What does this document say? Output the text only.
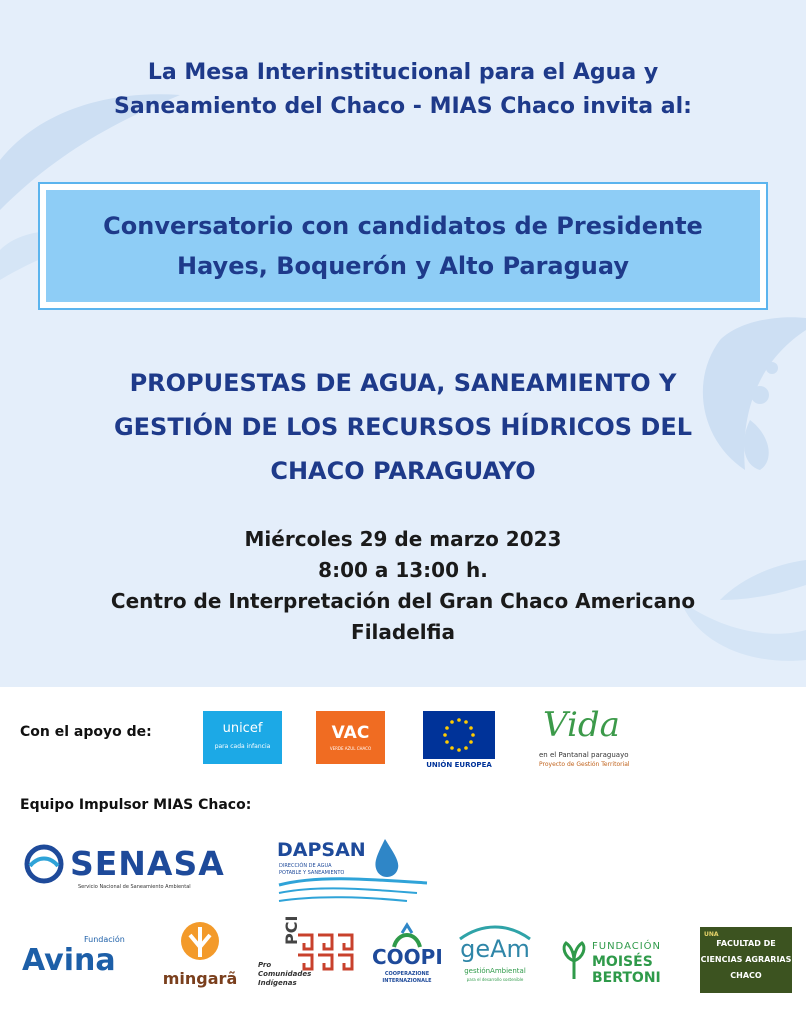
La Mesa Interinstitucional para el Agua y
Saneamiento del Chaco - MIAS Chaco invita al:
Conversatorio con candidatos de Presidente
Hayes, Boquerón y Alto Paraguay
PROPUESTAS DE AGUA, SANEAMIENTO Y
GESTIÓN DE LOS RECURSOS HÍDRICOS DEL
CHACO PARAGUAYO
Miércoles 29 de marzo 2023
8:00 a 13:00 h.
Centro de Interpretación del Gran Chaco Americano
Filadelfia
Con el apoyo de:	unicef
para cada infancia
VAC
VERDE AZUL CHACO
UNIÓN EUROPEA
Vida
en el Pantanal paraguayo
Proyecto de Gestión Territorial
Equipo Impulsor MIAS Chaco:
SENASA
Servicio Nacional de Saneamiento Ambiental
DAPSAN
DIRECCIÓN DE AGUA
POTABLE Y SANEAMIENTO
Fundación
Avina
mingarã
PCI
Pro
Comunidades
Indígenas
COOPI
COOPERAZIONE
INTERNAZIONALE
geAm
gestiónAmbiental
para el desarrollo sostenible
FUNDACIÓN
MOISÉS
BERTONI
UNA
FACULTAD DE
CIENCIAS AGRARIAS
CHACO
